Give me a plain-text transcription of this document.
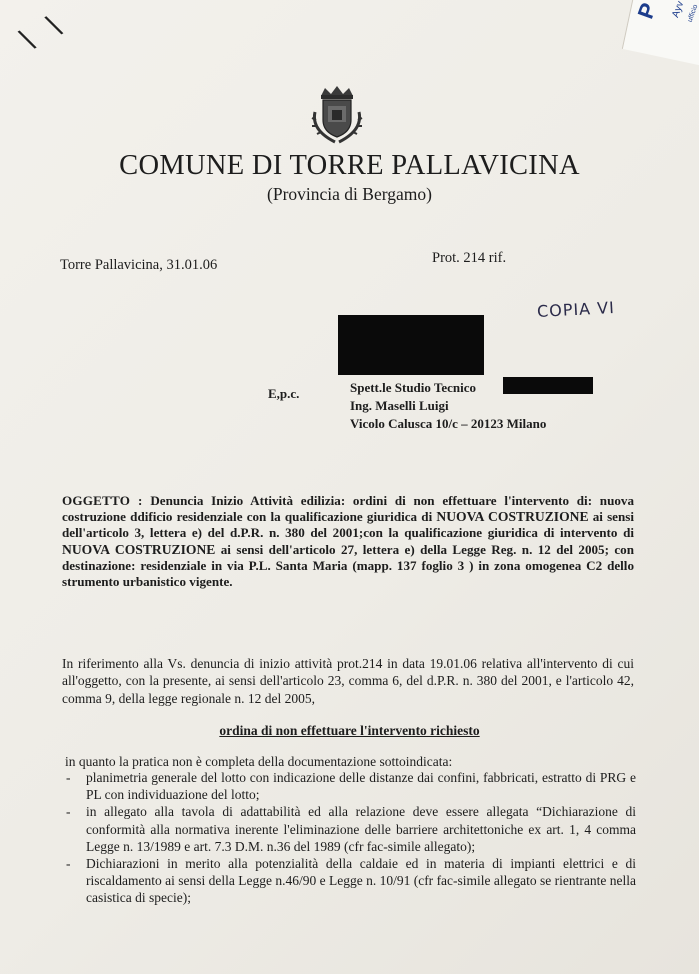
\ \	P Ayv ufficio
COMUNE DI TORRE PALLAVICINA
(Provincia di Bergamo)
Torre Pallavicina, 31.01.06	Prot. 214 rif.
COPIA VI
E,p.c.	Spett.le Studio Tecnico
Ing. Maselli Luigi
Vicolo Calusca 10/c – 20123 Milano
OGGETTO : Denuncia Inizio Attività edilizia: ordini di non effettuare l'intervento di: nuova costruzione ddificio residenziale con la qualificazione giuridica di NUOVA COSTRUZIONE ai sensi dell'articolo 3, lettera e) del d.P.R. n. 380 del 2001;con la qualificazione giuridica di intervento di NUOVA COSTRUZIONE ai sensi dell'articolo 27, lettera e) della Legge Reg. n. 12 del 2005; con destinazione: residenziale in via P.L. Santa Maria (mapp. 137 foglio 3 ) in zona omogenea C2 dello strumento urbanistico vigente.
In riferimento alla Vs. denuncia di inizio attività prot.214 in data 19.01.06 relativa all'intervento di cui all'oggetto, con la presente, ai sensi dell'articolo 23, comma 6, del d.P.R. n. 380 del 2001, e l'articolo 42, comma 9, della legge regionale n. 12 del 2005,
ordina di non effettuare l'intervento richiesto
in quanto la pratica non è completa della documentazione sottoindicata:
- planimetria generale del lotto con indicazione delle distanze dai confini, fabbricati, estratto di PRG e PL con individuazione del lotto;
- in allegato alla tavola di adattabilità ed alla relazione deve essere allegata “Dichiarazione di conformità alla normativa inerente l'eliminazione delle barriere architettoniche ex art. 1, 4 comma Legge n. 13/1989 e art. 7.3 D.M. n.36 del 1989 (cfr fac-simile allegato);
- Dichiarazioni in merito alla potenzialità della caldaie ed in materia di impianti elettrici e di riscaldamento ai sensi della Legge n.46/90 e Legge n. 10/91 (cfr fac-simile allegato se rientrante nella casistica di specie);
